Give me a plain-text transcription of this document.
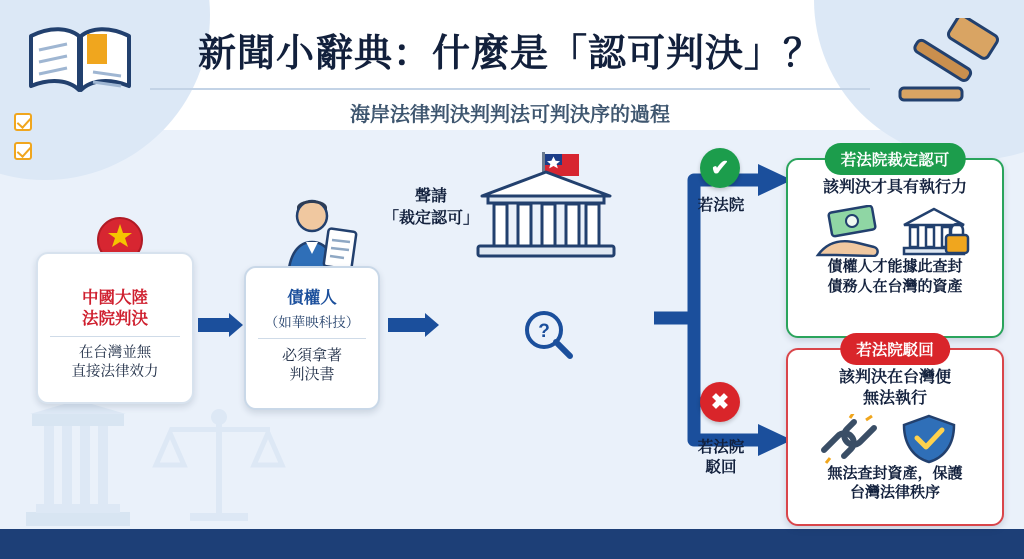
新聞小辭典：什麼是「認可判決」？
海岸法律判決判判法可判決序的過程
中國大陸
法院判決
在台灣並無
直接法律效力
債權人
（如華映科技）
必須拿著
判決書
聲請
「裁定認可」
?
✔
✖
若法院
若法院
駁回
若法院裁定認可
該判決才具有執行力
債權人才能據此查封
債務人在台灣的資產
若法院駁回
該判決在台灣便
無法執行
無法查封資產，保護
台灣法律秩序
